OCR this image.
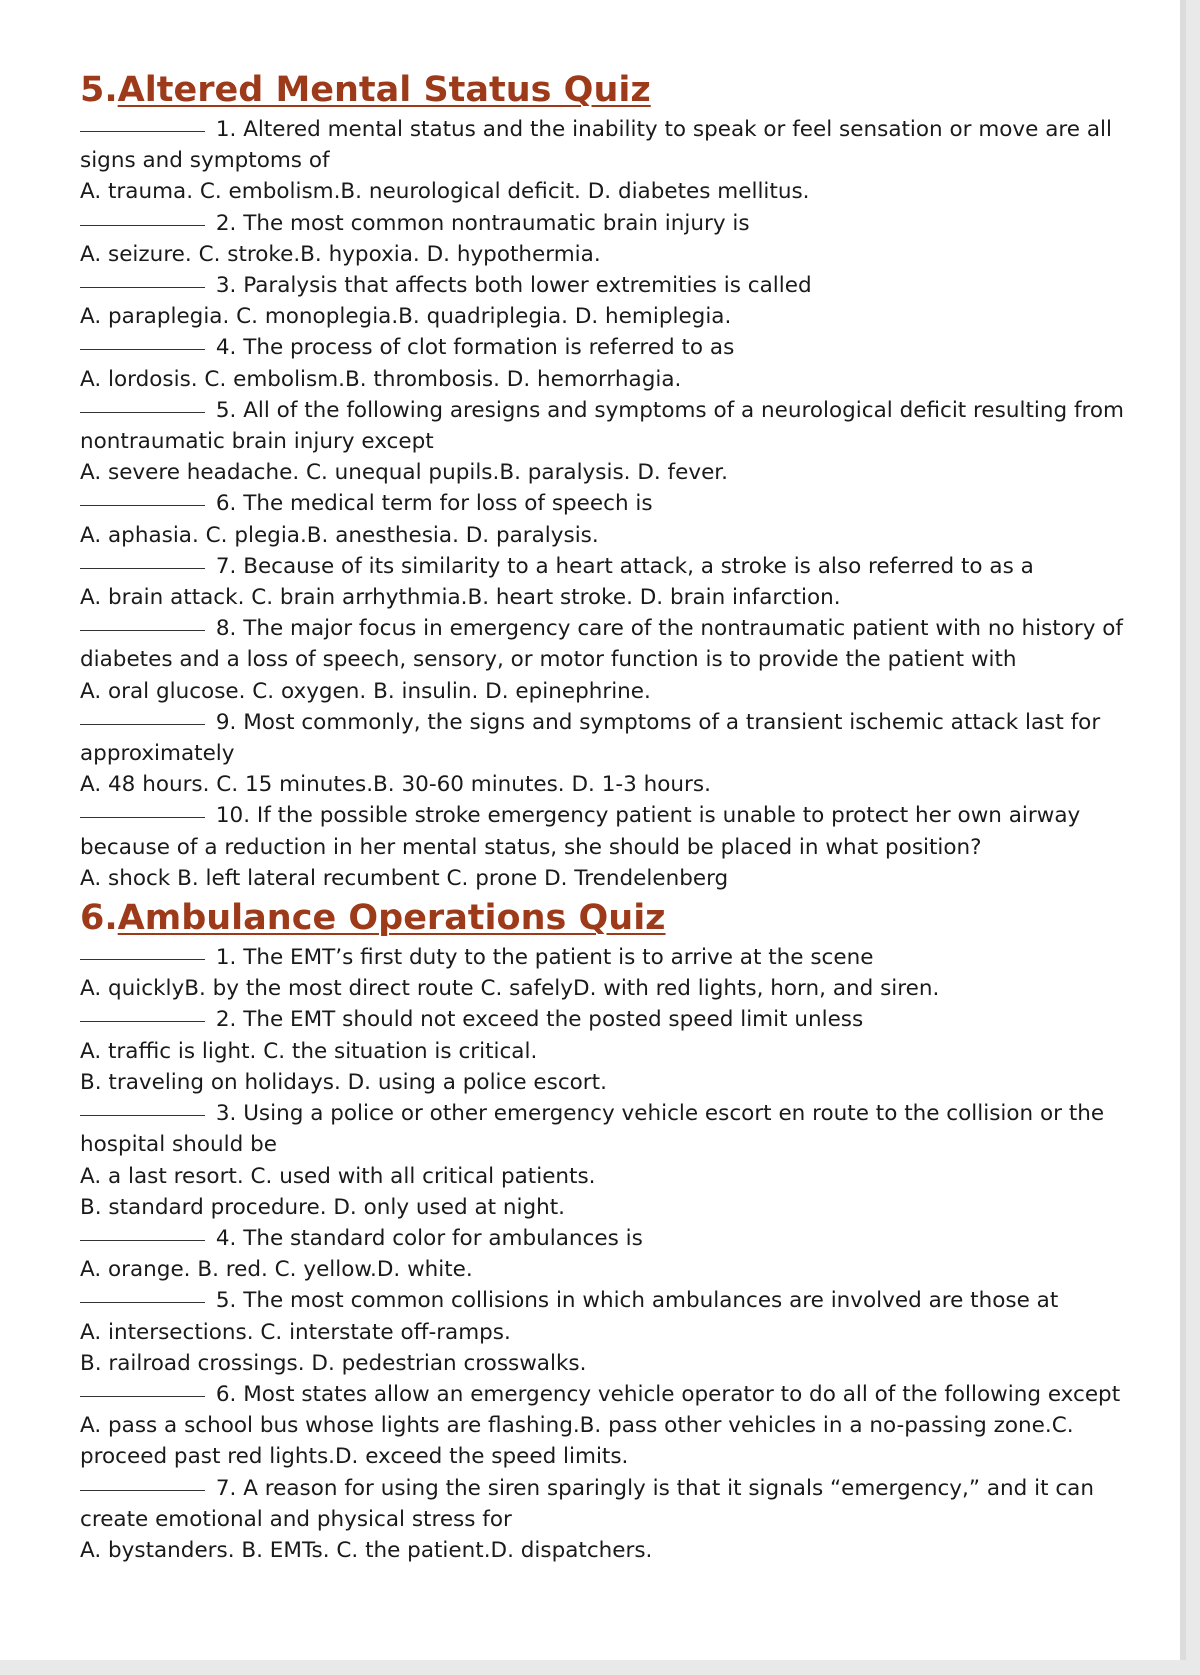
5.Altered Mental Status Quiz
1. Altered mental status and the inability to speak or feel sensation or move are all signs and symptoms of
A. trauma. C. embolism.B. neurological deficit. D. diabetes mellitus.
2. The most common nontraumatic brain injury is
A. seizure. C. stroke.B. hypoxia. D. hypothermia.
3. Paralysis that affects both lower extremities is called
A. paraplegia. C. monoplegia.B. quadriplegia. D. hemiplegia.
4. The process of clot formation is referred to as
A. lordosis. C. embolism.B. thrombosis. D. hemorrhagia.
5. All of the following aresigns and symptoms of a neurological deficit resulting from nontraumatic brain injury except
A. severe headache. C. unequal pupils.B. paralysis. D. fever.
6. The medical term for loss of speech is
A. aphasia. C. plegia.B. anesthesia. D. paralysis.
7. Because of its similarity to a heart attack, a stroke is also referred to as a
A. brain attack. C. brain arrhythmia.B. heart stroke. D. brain infarction.
8. The major focus in emergency care of the nontraumatic patient with no history of diabetes and a loss of speech, sensory, or motor function is to provide the patient with
A. oral glucose. C. oxygen. B. insulin. D. epinephrine.
9. Most commonly, the signs and symptoms of a transient ischemic attack last for approximately
A. 48 hours. C. 15 minutes.B. 30-60 minutes. D. 1-3 hours.
10. If the possible stroke emergency patient is unable to protect her own airway because of a reduction in her mental status, she should be placed in what position?
A. shock B. left lateral recumbent C. prone D. Trendelenberg
6.Ambulance Operations Quiz
1. The EMT’s first duty to the patient is to arrive at the scene
A. quicklyB. by the most direct route C. safelyD. with red lights, horn, and siren.
2. The EMT should not exceed the posted speed limit unless
A. traffic is light. C. the situation is critical.
B. traveling on holidays. D. using a police escort.
3. Using a police or other emergency vehicle escort en route to the collision or the hospital should be
A. a last resort. C. used with all critical patients.
B. standard procedure. D. only used at night.
4. The standard color for ambulances is
A. orange. B. red. C. yellow.D. white.
5. The most common collisions in which ambulances are involved are those at
A. intersections. C. interstate off-ramps.
B. railroad crossings. D. pedestrian crosswalks.
6. Most states allow an emergency vehicle operator to do all of the following except
A. pass a school bus whose lights are flashing.B. pass other vehicles in a no-passing zone.C. proceed past red lights.D. exceed the speed limits.
7. A reason for using the siren sparingly is that it signals “emergency,” and it can create emotional and physical stress for
A. bystanders. B. EMTs. C. the patient.D. dispatchers.
